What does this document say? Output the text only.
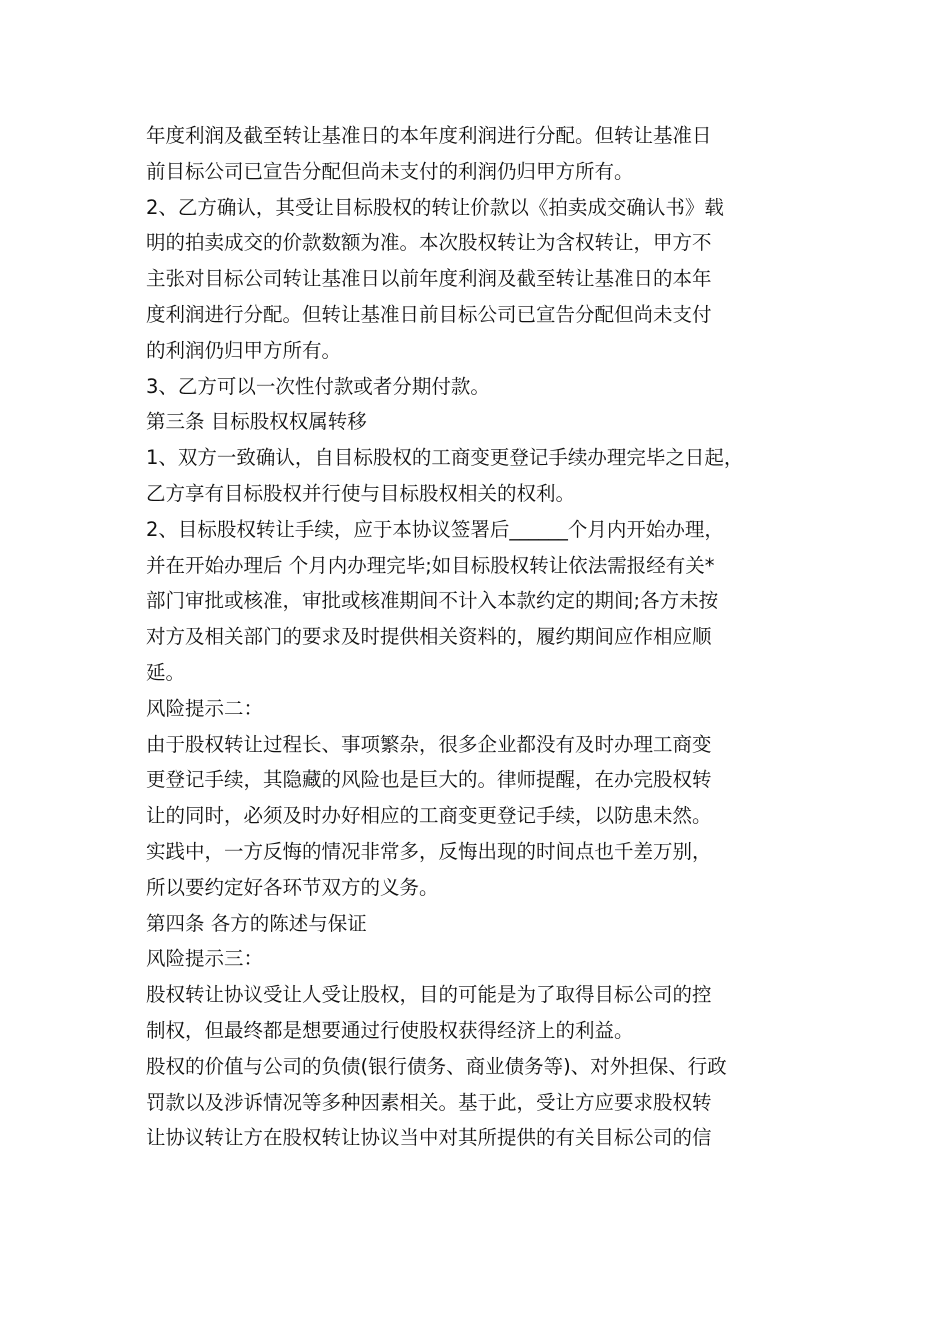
年度利润及截至转让基准日的本年度利润进行分配。但转让基准日
前目标公司已宣告分配但尚未支付的利润仍归甲方所有。
2、乙方确认，其受让目标股权的转让价款以《拍卖成交确认书》载
明的拍卖成交的价款数额为准。本次股权转让为含权转让，甲方不
主张对目标公司转让基准日以前年度利润及截至转让基准日的本年
度利润进行分配。但转让基准日前目标公司已宣告分配但尚未支付
的利润仍归甲方所有。
3、乙方可以一次性付款或者分期付款。
第三条 目标股权权属转移
1、双方一致确认，自目标股权的工商变更登记手续办理完毕之日起，
乙方享有目标股权并行使与目标股权相关的权利。
2、目标股权转让手续，应于本协议签署后______个月内开始办理，
并在开始办理后 个月内办理完毕;如目标股权转让依法需报经有关*
部门审批或核准，审批或核准期间不计入本款约定的期间;各方未按
对方及相关部门的要求及时提供相关资料的，履约期间应作相应顺
延。
风险提示二：
由于股权转让过程长、事项繁杂，很多企业都没有及时办理工商变
更登记手续，其隐藏的风险也是巨大的。律师提醒，在办完股权转
让的同时，必须及时办好相应的工商变更登记手续，以防患未然。
实践中，一方反悔的情况非常多，反悔出现的时间点也千差万别，
所以要约定好各环节双方的义务。
第四条 各方的陈述与保证
风险提示三：
股权转让协议受让人受让股权，目的可能是为了取得目标公司的控
制权，但最终都是想要通过行使股权获得经济上的利益。
股权的价值与公司的负债(银行债务、商业债务等)、对外担保、行政
罚款以及涉诉情况等多种因素相关。基于此，受让方应要求股权转
让协议转让方在股权转让协议当中对其所提供的有关目标公司的信
